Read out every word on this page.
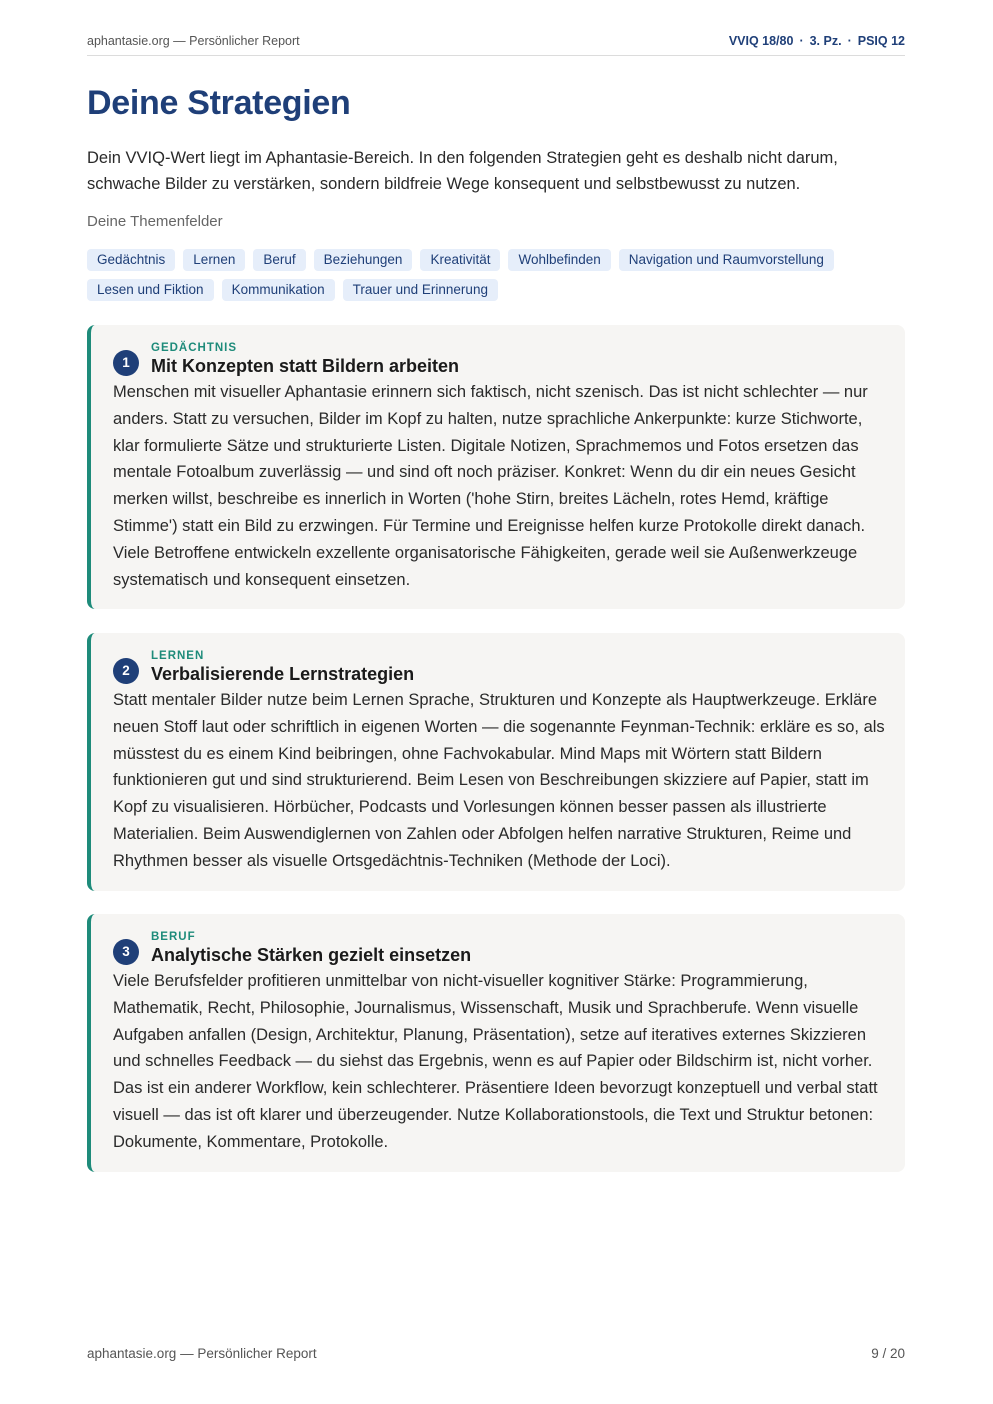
aphantasie.org — Persönlicher Report	VVIQ 18/80 · 3. Pz. · PSIQ 12
Deine Strategien

Dein VVIQ-Wert liegt im Aphantasie-Bereich. In den folgenden Strategien geht es deshalb nicht darum, schwache Bilder zu verstärken, sondern bildfreie Wege konsequent und selbstbewusst zu nutzen.

Deine Themenfelder
Gedächtnis	Lernen	Beruf	Beziehungen	Kreativität	Wohlbefinden	Navigation und Raumvorstellung
Lesen und Fiktion	Kommunikation	Trauer und Erinnerung
1
GEDÄCHTNIS
Mit Konzepten statt Bildern arbeiten

Menschen mit visueller Aphantasie erinnern sich faktisch, nicht szenisch. Das ist nicht schlechter — nur anders. Statt zu versuchen, Bilder im Kopf zu halten, nutze sprachliche Ankerpunkte: kurze Stichworte, klar formulierte Sätze und strukturierte Listen. Digitale Notizen, Sprachmemos und Fotos ersetzen das mentale Fotoalbum zuverlässig — und sind oft noch präziser. Konkret: Wenn du dir ein neues Gesicht merken willst, beschreibe es innerlich in Worten ('hohe Stirn, breites Lächeln, rotes Hemd, kräftige Stimme') statt ein Bild zu erzwingen. Für Termine und Ereignisse helfen kurze Protokolle direkt danach. Viele Betroffene entwickeln exzellente organisatorische Fähigkeiten, gerade weil sie Außenwerkzeuge systematisch und konsequent einsetzen.

2
LERNEN
Verbalisierende Lernstrategien

Statt mentaler Bilder nutze beim Lernen Sprache, Strukturen und Konzepte als Hauptwerkzeuge. Erkläre neuen Stoff laut oder schriftlich in eigenen Worten — die sogenannte Feynman-Technik: erkläre es so, als müsstest du es einem Kind beibringen, ohne Fachvokabular. Mind Maps mit Wörtern statt Bildern funktionieren gut und sind strukturierend. Beim Lesen von Beschreibungen skizziere auf Papier, statt im Kopf zu visualisieren. Hörbücher, Podcasts und Vorlesungen können besser passen als illustrierte Materialien. Beim Auswendiglernen von Zahlen oder Abfolgen helfen narrative Strukturen, Reime und Rhythmen besser als visuelle Ortsgedächtnis-Techniken (Methode der Loci).

3
BERUF
Analytische Stärken gezielt einsetzen

Viele Berufsfelder profitieren unmittelbar von nicht-visueller kognitiver Stärke: Programmierung, Mathematik, Recht, Philosophie, Journalismus, Wissenschaft, Musik und Sprachberufe. Wenn visuelle Aufgaben anfallen (Design, Architektur, Planung, Präsentation), setze auf iteratives externes Skizzieren und schnelles Feedback — du siehst das Ergebnis, wenn es auf Papier oder Bildschirm ist, nicht vorher. Das ist ein anderer Workflow, kein schlechterer. Präsentiere Ideen bevorzugt konzeptuell und verbal statt visuell — das ist oft klarer und überzeugender. Nutze Kollaborationstools, die Text und Struktur betonen: Dokumente, Kommentare, Protokolle.

aphantasie.org — Persönlicher Report	9 / 20
